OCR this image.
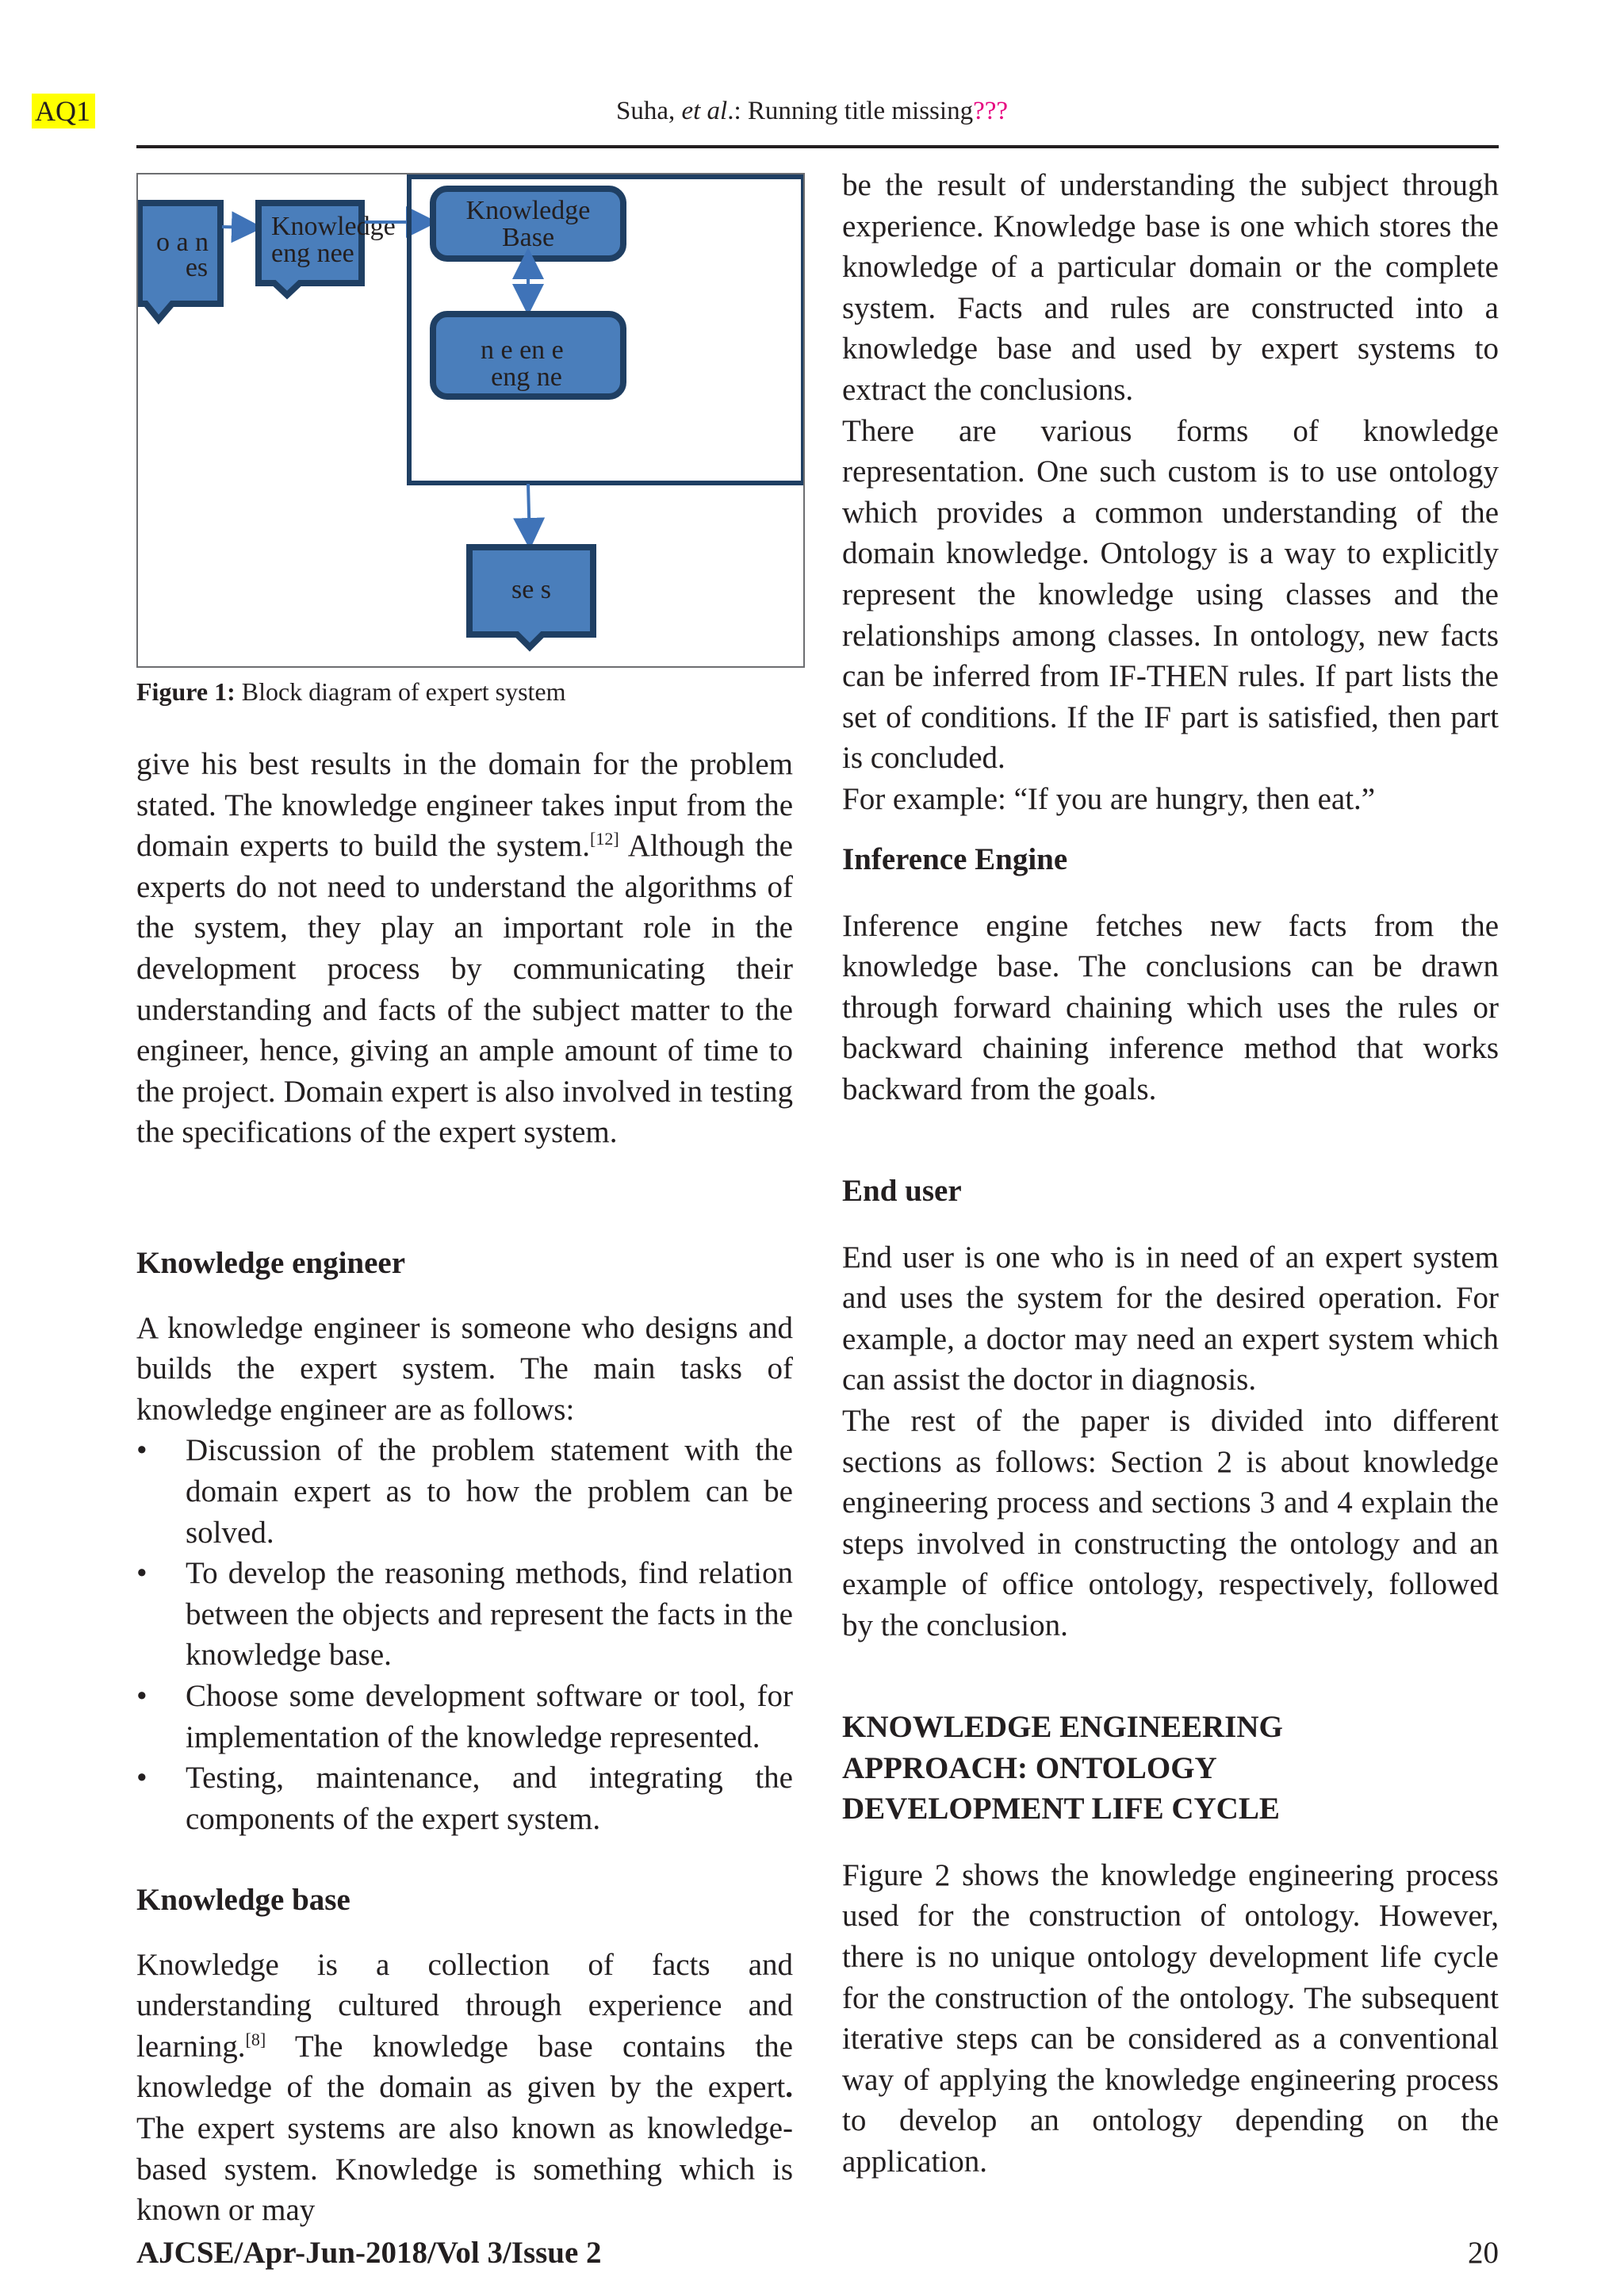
AQ1	Suha, et al.: Running title missing???
o a n
es
Knowledge
eng nee
Knowledge
Base
n e en e
eng ne
se s
Figure 1: Block diagram of expert system

give his best results in the domain for the problem stated. The knowledge engineer takes input from the domain experts to build the system.[12] Although the experts do not need to understand the algorithms of the system, they play an important role in the development process by communicating their understanding and facts of the subject matter to the engineer, hence, giving an ample amount of time to the project. Domain expert is also involved in testing the specifications of the expert system.

Knowledge engineer

A knowledge engineer is someone who designs and builds the expert system. The main tasks of knowledge engineer are as follows:

• Discussion of the problem statement with the domain expert as to how the problem can be solved.
• To develop the reasoning methods, find relation between the objects and represent the facts in the knowledge base.
• Choose some development software or tool, for implementation of the knowledge represented.
• Testing, maintenance, and integrating the components of the expert system.

Knowledge base

Knowledge is a collection of facts and understanding cultured through experience and learning.[8] The knowledge base contains the knowledge of the domain as given by the expert. The expert systems are also known as knowledge-based system. Knowledge is something which is known or may

be the result of understanding the subject through experience. Knowledge base is one which stores the knowledge of a particular domain or the complete system. Facts and rules are constructed into a knowledge base and used by expert systems to extract the conclusions.

There are various forms of knowledge representation. One such custom is to use ontology which provides a common understanding of the domain knowledge. Ontology is a way to explicitly represent the knowledge using classes and the relationships among classes. In ontology, new facts can be inferred from IF-THEN rules. If part lists the set of conditions. If the IF part is satisfied, then part is concluded.

For example: “If you are hungry, then eat.”

Inference Engine

Inference engine fetches new facts from the knowledge base. The conclusions can be drawn through forward chaining which uses the rules or backward chaining inference method that works backward from the goals.

End user

End user is one who is in need of an expert system and uses the system for the desired operation. For example, a doctor may need an expert system which can assist the doctor in diagnosis.

The rest of the paper is divided into different sections as follows: Section 2 is about knowledge engineering process and sections 3 and 4 explain the steps involved in constructing the ontology and an example of office ontology, respectively, followed by the conclusion.

KNOWLEDGE ENGINEERING

APPROACH: ONTOLOGY

DEVELOPMENT LIFE CYCLE

Figure 2 shows the knowledge engineering process used for the construction of ontology. However, there is no unique ontology development life cycle for the construction of the ontology. The subsequent iterative steps can be considered as a conventional way of applying the knowledge engineering process to develop an ontology depending on the application.

AJCSE/Apr-Jun-2018/Vol 3/Issue 2	20
